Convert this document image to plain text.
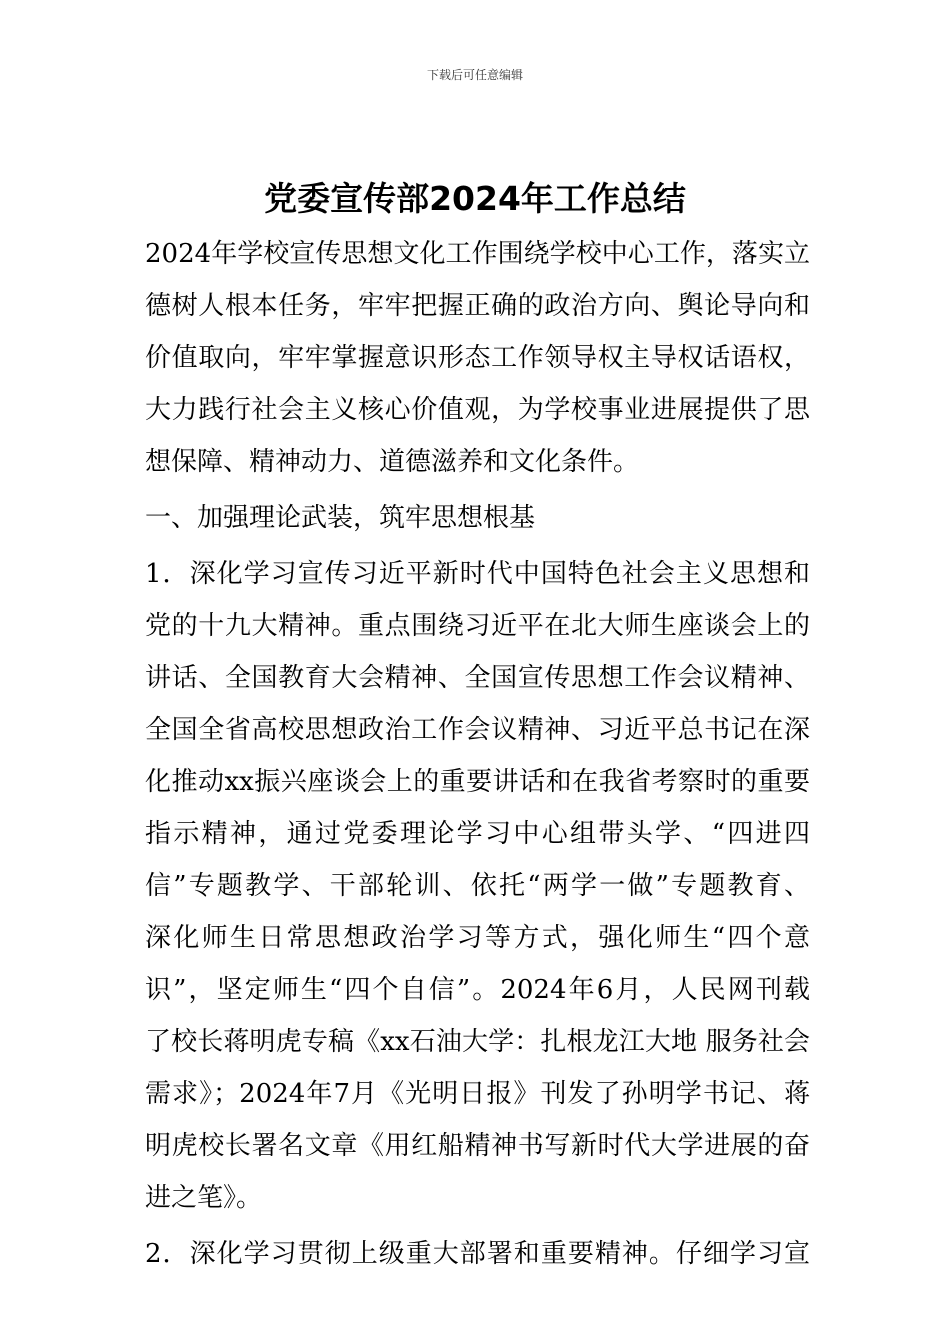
下载后可任意编辑
党委宣传部2024年工作总结

2024年学校宣传思想文化工作围绕学校中心工作，落实立
德树人根本任务，牢牢把握正确的政治方向、舆论导向和
价值取向，牢牢掌握意识形态工作领导权主导权话语权，
大力践行社会主义核心价值观，为学校事业进展提供了思
想保障、精神动力、道德滋养和文化条件。

一、加强理论武装，筑牢思想根基

1．深化学习宣传习近平新时代中国特色社会主义思想和
党的十九大精神。重点围绕习近平在北大师生座谈会上的
讲话、全国教育大会精神、全国宣传思想工作会议精神、
全国全省高校思想政治工作会议精神、习近平总书记在深
化推动xx振兴座谈会上的重要讲话和在我省考察时的重要
指示精神，通过党委理论学习中心组带头学、“四进四
信”专题教学、干部轮训、依托“两学一做”专题教育、
深化师生日常思想政治学习等方式，强化师生“四个意
识”，坚定师生“四个自信”。2024年6月，人民网刊载
了校长蒋明虎专稿《xx石油大学：扎根龙江大地 服务社会
需求》；2024年7月《光明日报》刊发了孙明学书记、蒋
明虎校长署名文章《用红船精神书写新时代大学进展的奋
进之笔》。

2．深化学习贯彻上级重大部署和重要精神。仔细学习宣
